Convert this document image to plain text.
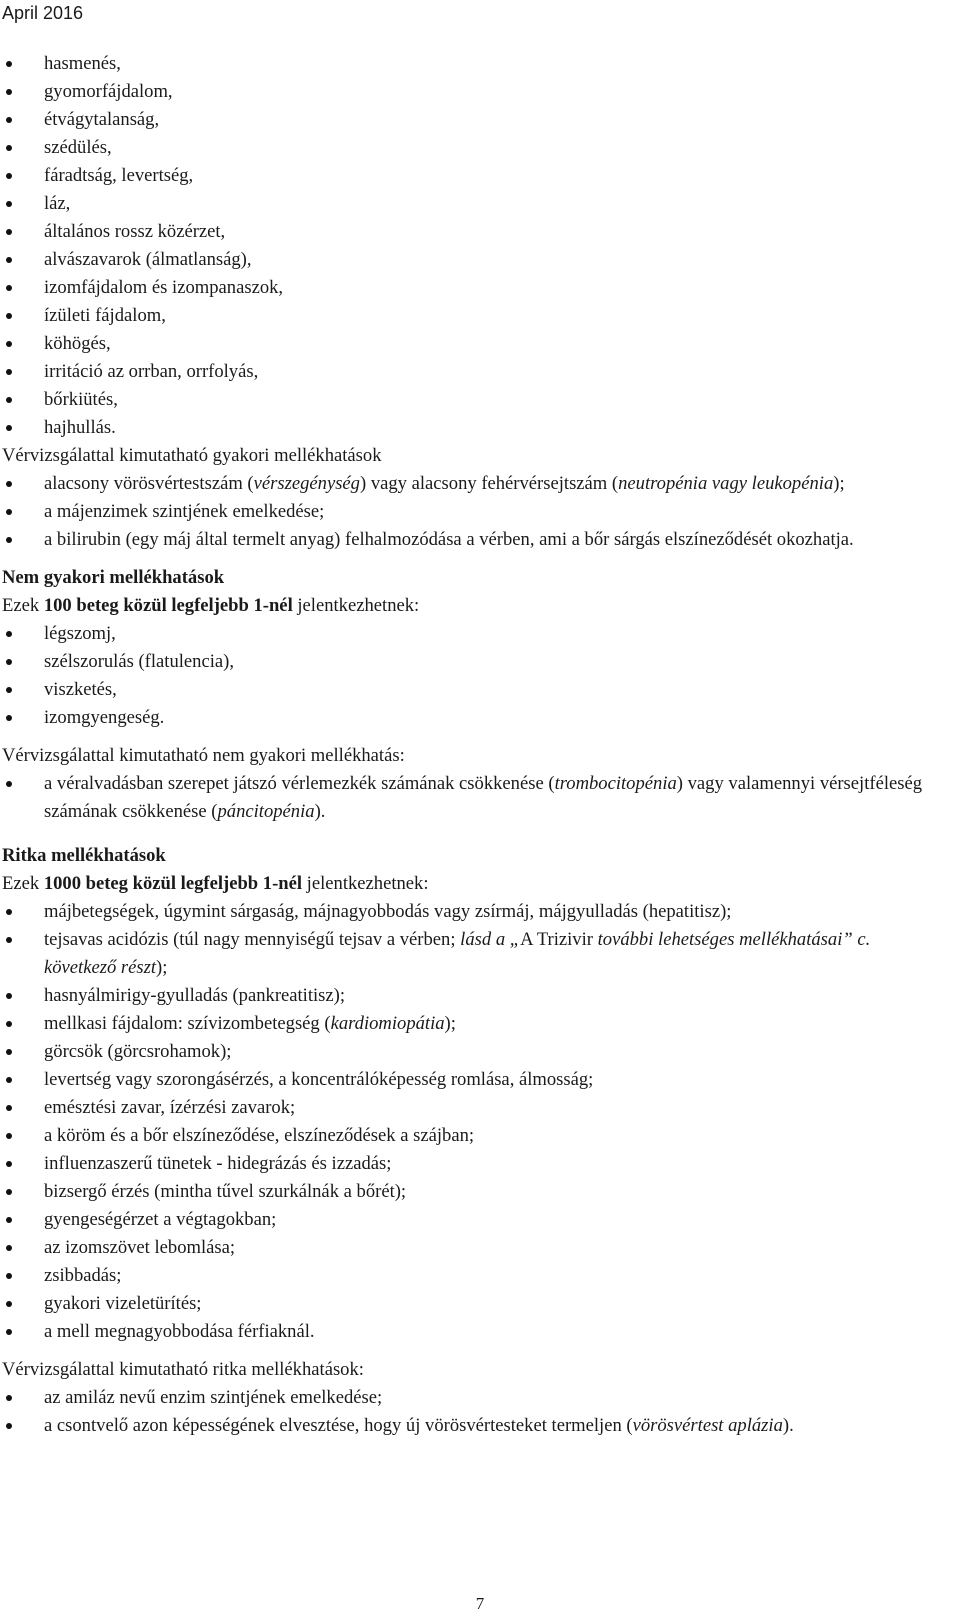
April 2016
hasmenés,
gyomorfájdalom,
étvágytalanság,
szédülés,
fáradtság, levertség,
láz,
általános rossz közérzet,
alvászavarok (álmatlanság),
izomfájdalom és izompanaszok,
ízületi fájdalom,
köhögés,
irritáció az orrban, orrfolyás,
bőrkiütés,
hajhullás.

Vérvizsgálattal kimutatható gyakori mellékhatások

alacsony vörösvértestszám (vérszegénység) vagy alacsony fehérvérsejtszám (neutropénia vagy leukopénia);
a májenzimek szintjének emelkedése;
a bilirubin (egy máj által termelt anyag) felhalmozódása a vérben, ami a bőr sárgás elszíneződését okozhatja.

Nem gyakori mellékhatások

Ezek 100 beteg közül legfeljebb 1-nél jelentkezhetnek:

légszomj,
szélszorulás (flatulencia),
viszketés,
izomgyengeség.

Vérvizsgálattal kimutatható nem gyakori mellékhatás:

a véralvadásban szerepet játszó vérlemezkék számának csökkenése (trombocitopénia) vagy valamennyi vérsejtféleség számának csökkenése (páncitopénia).

Ritka mellékhatások

Ezek 1000 beteg közül legfeljebb 1-nél jelentkezhetnek:

májbetegségek, úgymint sárgaság, májnagyobbodás vagy zsírmáj, májgyulladás (hepatitisz);
tejsavas acidózis (túl nagy mennyiségű tejsav a vérben; lásd a „A Trizivir további lehetséges mellékhatásai” c. következő részt);
hasnyálmirigy-gyulladás (pankreatitisz);
mellkasi fájdalom: szívizombetegség (kardiomiopátia);
görcsök (görcsrohamok);
levertség vagy szorongásérzés, a koncentrálóképesség romlása, álmosság;
emésztési zavar, ízérzési zavarok;
a köröm és a bőr elszíneződése, elszíneződések a szájban;
influenzaszerű tünetek - hidegrázás és izzadás;
bizsergő érzés (mintha tűvel szurkálnák a bőrét);
gyengeségérzet a végtagokban;
az izomszövet lebomlása;
zsibbadás;
gyakori vizeletürítés;
a mell megnagyobbodása férfiaknál.

Vérvizsgálattal kimutatható ritka mellékhatások:

az amiláz nevű enzim szintjének emelkedése;
a csontvelő azon képességének elvesztése, hogy új vörösvértesteket termeljen (vörösvértest aplázia).
7
